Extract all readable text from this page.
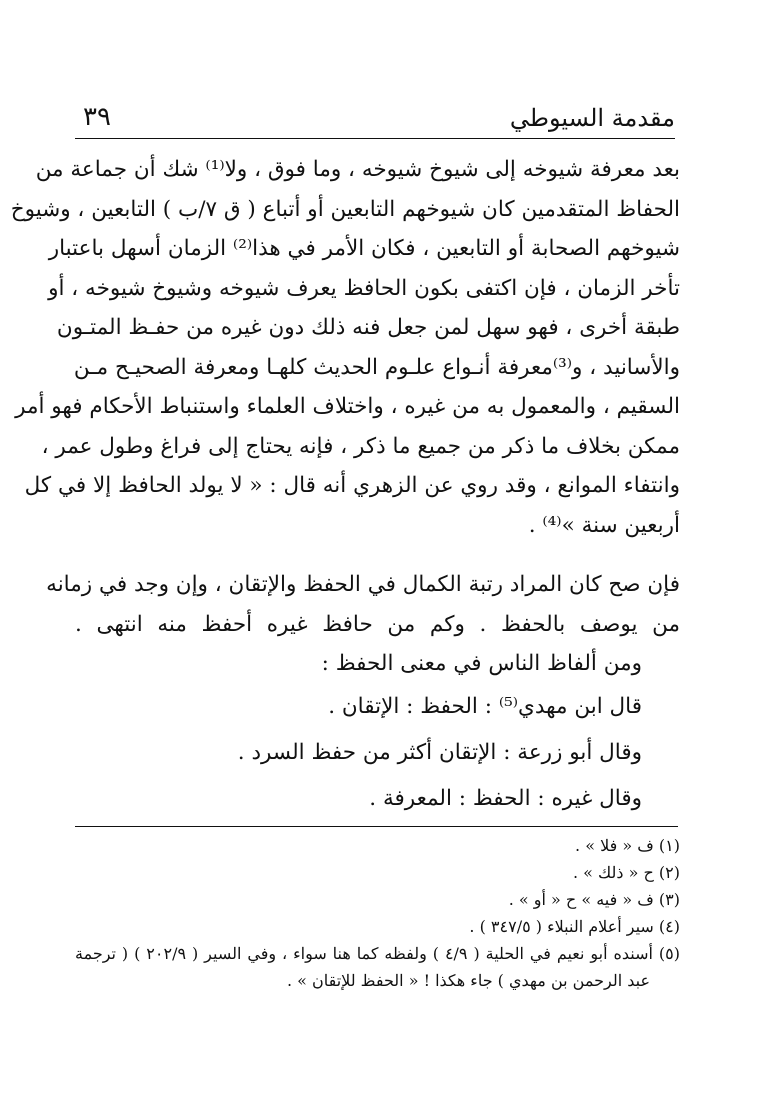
مقدمة السيوطي
٣٩
بعد معرفة شيوخه إلى شيوخ شيوخه ، وما فوق ، ولا⁽¹⁾ شك أن جماعة من
الحفاظ المتقدمين كان شيوخهم التابعين أو أتباع ( ق ٧/ب ) التابعين ، وشيوخ
شيوخهم الصحابة أو التابعين ، فكان الأمر في هذا⁽²⁾ الزمان أسهل باعتبار
تأخر الزمان ، فإن اكتفى بكون الحافظ يعرف شيوخه وشيوخ شيوخه ، أو
طبقة أخرى ، فهو سهل لمن جعل فنه ذلك دون غيره من حفـظ المتـون
والأسانيد ، و⁽³⁾معرفة أنـواع علـوم الحديث كلهـا ومعرفة الصحيـح مـن
السقيم ، والمعمول به من غيره ، واختلاف العلماء واستنباط الأحكام فهو أمر
ممكن بخلاف ما ذكر من جميع ما ذكر ، فإنه يحتاج إلى فراغ وطول عمر ،
وانتفاء الموانع ، وقد روي عن الزهري أنه قال : « لا يولد الحافظ إلا في كل
أربعين سنة »⁽⁴⁾ .
فإن صح كان المراد رتبة الكمال في الحفظ والإتقان ، وإن وجد في زمانه
من يوصف بالحفظ . وكم من حافظ غيره أحفظ منه انتهى .
ومن ألفاظ الناس في معنى الحفظ :
قال ابن مهدي⁽⁵⁾ : الحفظ : الإتقان .
وقال أبو زرعة : الإتقان أكثر من حفظ السرد .
وقال غيره : الحفظ : المعرفة .
(١) ف « فلا » .
(٢) ح « ذلك » .
(٣) ف « فيه » ح « أو » .
(٤) سير أعلام النبلاء ( ٣٤٧/٥ ) .
(٥) أسنده أبو نعيم في الحلية ( ٤/٩ ) ولفظه كما هنا سواء ، وفي السير ( ٢٠٢/٩ ) ( ترجمة
عبد الرحمن بن مهدي ) جاء هكذا ! « الحفظ للإتقان » .
